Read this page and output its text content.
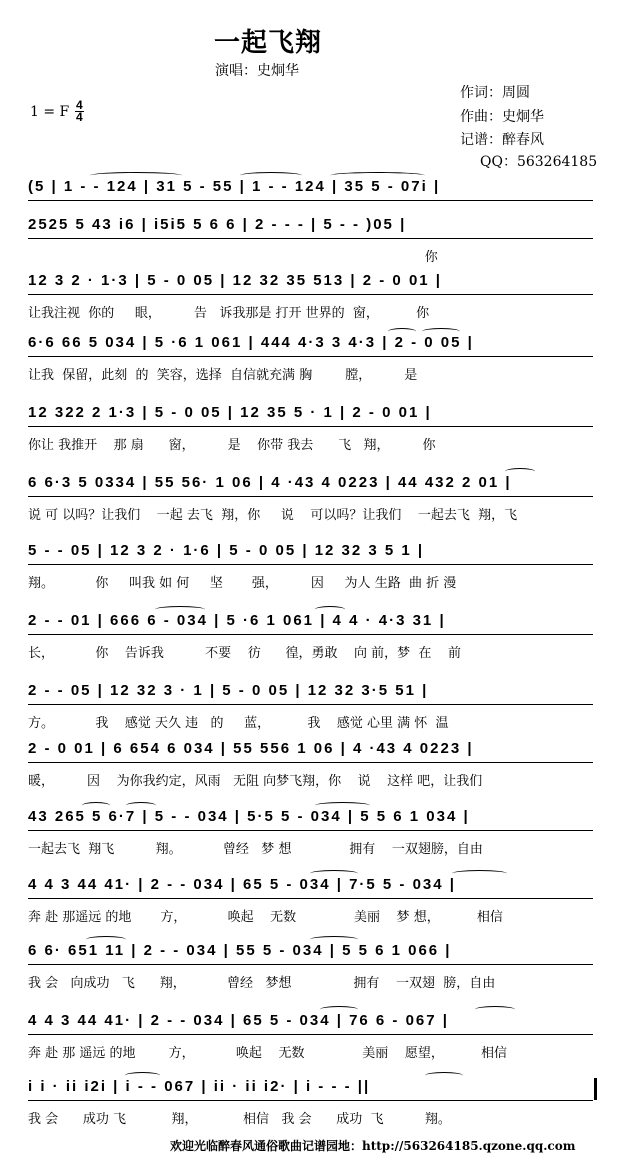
一起飞翔
演唱：史炯华
作词：周圆
作曲：史炯华
记谱：醉春风
QQ：563264185
1 = F 4
4
(5 | 1 - - 124 | 31 5 - 55 | 1 - - 124 | 35 5 - 07i |
2525 5 43 i6 | i5i5 5 6 6 | 2 - - - | 5 - - )05 |
你
12 3 2 · 1·3 | 5 - 0 05 | 12 32 35 513 | 2 - 0 01 |
让我注视  你的     眼，        告   诉我那是 打开 世界的  窗，         你
6·6 66 5 034 | 5 ·6 1 061 | 444 4·3 3 4·3 | 2 - 0 05 |
让我  保留，此刻  的  笑容，选择  自信就充满 胸        膛，        是
12 322 2 1·3 | 5 - 0 05 | 12 35 5 · 1 | 2 - 0 01 |
你让 我推开    那 扇      窗，        是    你带 我去      飞   翔，        你
6 6·3 5 0334 | 55 56· 1 06 | 4 ·43 4 0223 | 44 432 2 01 |
说 可 以吗？让我们    一起 去飞  翔，你     说    可以吗？让我们    一起去飞  翔，飞
5 - - 05 | 12 3 2 · 1·6 | 5 - 0 05 | 12 32 3 5 1 |
翔。          你     叫我 如 何     坚       强，        因     为人 生路  曲 折 漫
2 - - 01 | 666 6 - 034 | 5 ·6 1 061 | 4 4 · 4·3 31 |
长，          你    告诉我          不要    彷      徨，勇敢    向 前，梦  在    前
2 - - 05 | 12 32 3 · 1 | 5 - 0 05 | 12 32 3·5 51 |
方。          我    感觉 天久 违   的     蓝，         我    感觉 心里 满 怀  温
2 - 0 01 | 6 654 6 034 | 55 556 1 06 | 4 ·43 4 0223 |
暖，        因    为你我约定，风雨   无阻 向梦飞翔，你    说    这样 吧，让我们
43 265 5 6·7 | 5 - - 034 | 5·5 5 - 034 | 5 5 6 1 034 |
一起去飞  翔飞          翔。          曾经   梦 想              拥有    一双翅膀，自由
4 4 3 44 41· | 2 - - 034 | 65 5 - 034 | 7·5 5 - 034 |
奔 赴 那遥远 的地       方，          唤起    无数              美丽    梦 想，         相信
6 6· 651 11 | 2 - - 034 | 55 5 - 034 | 5 5 6 1 066 |
我 会   向成功   飞      翔，          曾经   梦想               拥有    一双翅  膀，自由
4 4 3 44 41· | 2 - - 034 | 65 5 - 034 | 76 6 - 067 |
奔 赴 那 遥远 的地        方，          唤起    无数              美丽    愿望，         相信
i i · ii i2i | i - - 067 | ii · ii i2· | i - - - ||
我 会      成功 飞           翔，           相信   我 会      成功  飞          翔。
欢迎光临醉春风通俗歌曲记谱园地：http://563264185.qzone.qq.com
